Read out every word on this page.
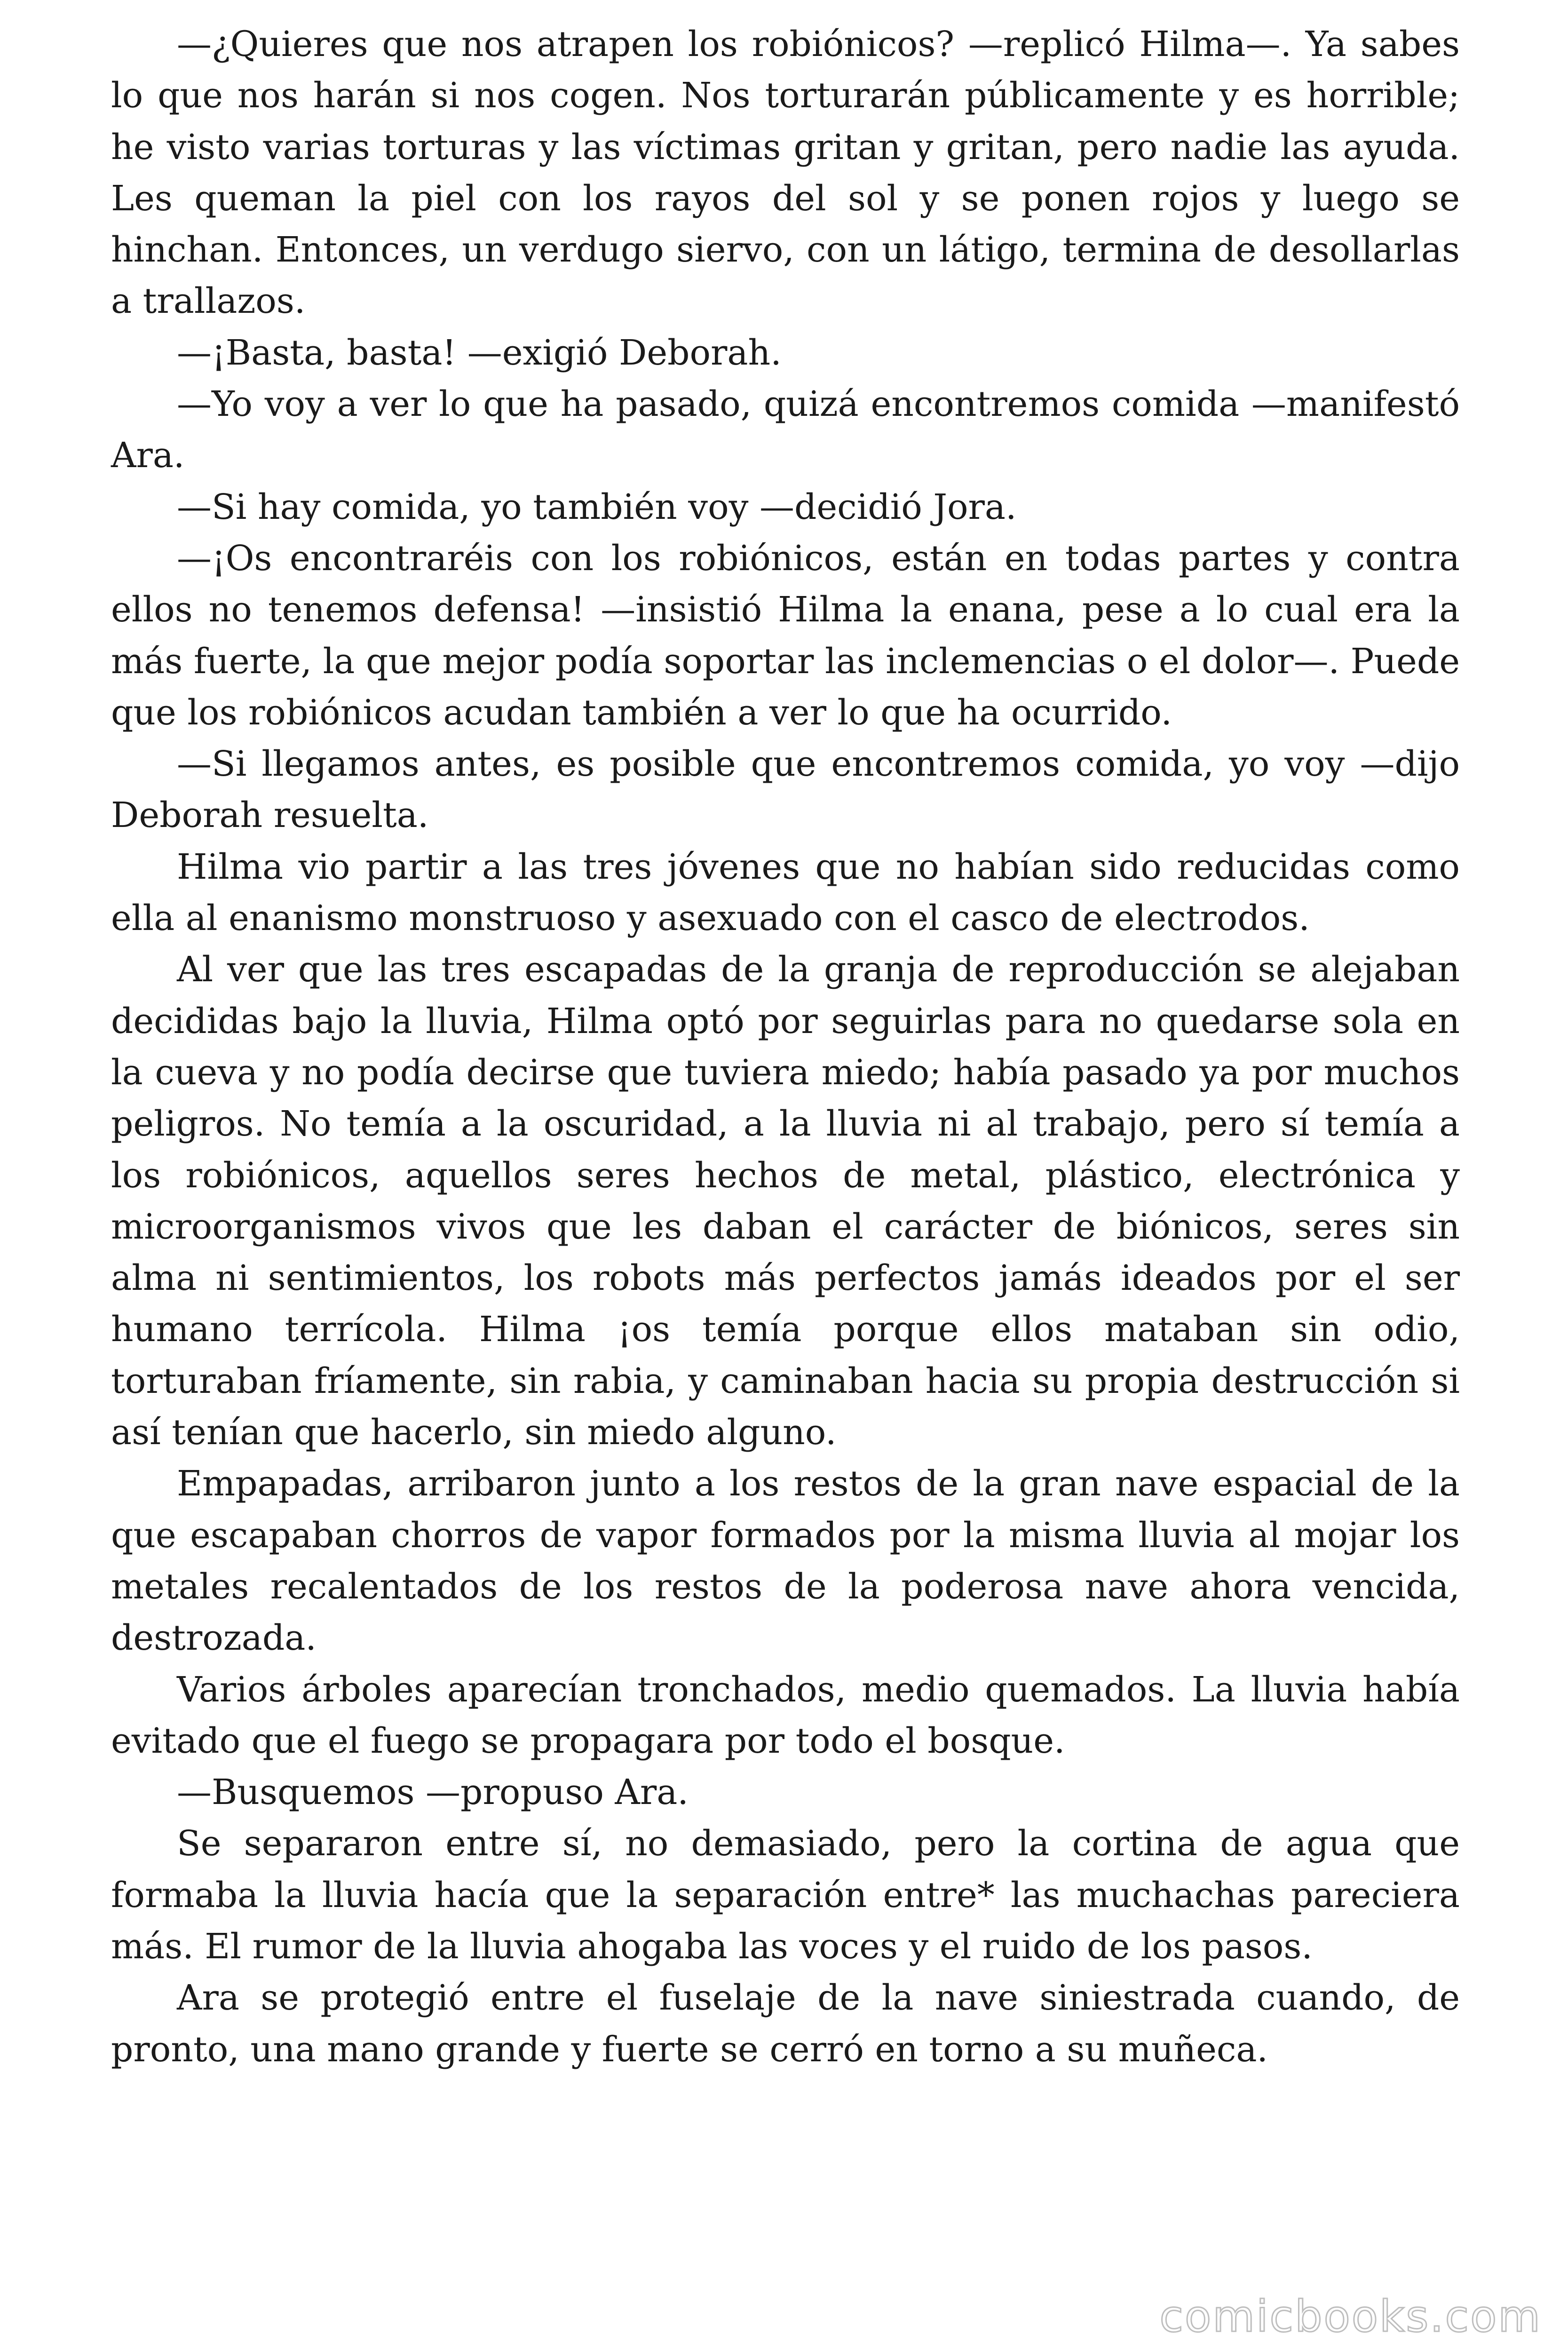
—¿Quieres que nos atrapen los robiónicos? —replicó Hilma—. Ya sabes lo que nos harán si nos cogen. Nos torturarán públicamente y es horrible; he visto varias torturas y las víctimas gritan y gritan, pero nadie las ayuda. Les queman la piel con los rayos del sol y se ponen rojos y luego se hinchan. Entonces, un verdugo siervo, con un látigo, termina de desollarlas a trallazos.

—¡Basta, basta! —exigió Deborah.

—Yo voy a ver lo que ha pasado, quizá encontremos comida —manifestó Ara.

—Si hay comida, yo también voy —decidió Jora.

—¡Os encontraréis con los robiónicos, están en todas partes y contra ellos no tenemos defensa! —insistió Hilma la enana, pese a lo cual era la más fuerte, la que mejor podía soportar las inclemencias o el dolor—. Puede que los robiónicos acudan también a ver lo que ha ocurrido.

—Si llegamos antes, es posible que encontremos comida, yo voy —dijo Deborah resuelta.

Hilma vio partir a las tres jóvenes que no habían sido reducidas como ella al enanismo monstruoso y asexuado con el casco de electrodos.

Al ver que las tres escapadas de la granja de reproducción se alejaban decididas bajo la lluvia, Hilma optó por seguirlas para no quedarse sola en la cueva y no podía decirse que tuviera miedo; había pasado ya por muchos peligros. No temía a la oscuridad, a la lluvia ni al trabajo, pero sí temía a los robiónicos, aquellos seres hechos de metal, plástico, electrónica y microorganismos vivos que les daban el carácter de biónicos, seres sin alma ni sentimientos, los robots más perfectos jamás ideados por el ser humano terrícola. Hilma ¡os temía porque ellos mataban sin odio, torturaban fríamente, sin rabia, y caminaban hacia su propia destrucción si así tenían que hacerlo, sin miedo alguno.

Empapadas, arribaron junto a los restos de la gran nave espacial de la que escapaban chorros de vapor formados por la misma lluvia al mojar los metales recalentados de los restos de la poderosa nave ahora vencida, destrozada.

Varios árboles aparecían tronchados, medio quemados. La lluvia había evitado que el fuego se propagara por todo el bosque.

—Busquemos —propuso Ara.

Se separaron entre sí, no demasiado, pero la cortina de agua que formaba la lluvia hacía que la separación entre* las muchachas pareciera más. El rumor de la lluvia ahogaba las voces y el ruido de los pasos.

Ara se protegió entre el fuselaje de la nave siniestrada cuando, de pronto, una mano grande y fuerte se cerró en torno a su muñeca.

comicbooks.com
